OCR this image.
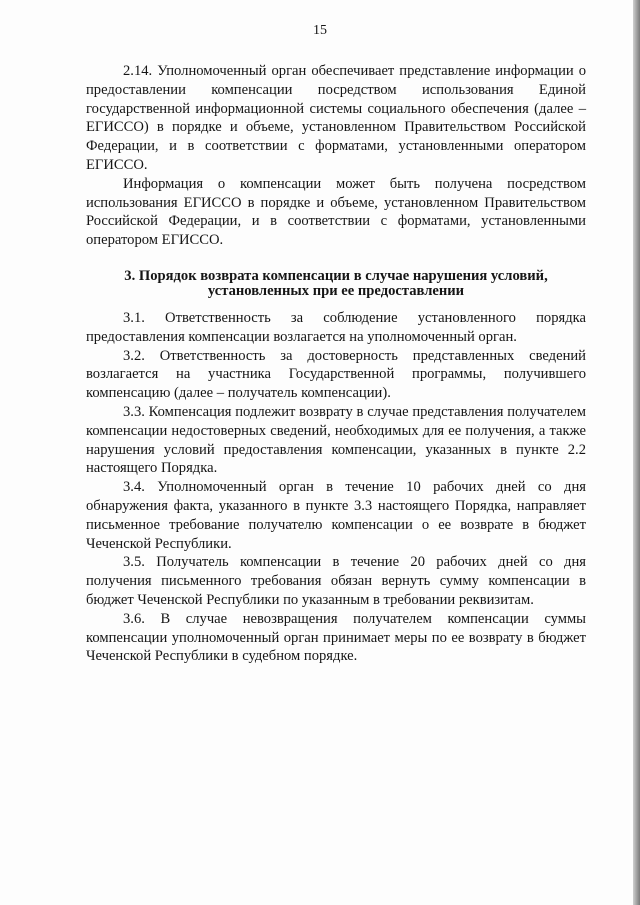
15

2.14. Уполномоченный орган обеспечивает представление информации о предоставлении компенсации посредством использования Единой государственной информационной системы социального обеспечения (далее – ЕГИССО) в порядке и объеме, установленном Правительством Российской Федерации, и в соответствии с форматами, установленными оператором ЕГИССО.

Информация о компенсации может быть получена посредством использования ЕГИССО в порядке и объеме, установленном Правительством Российской Федерации, и в соответствии с форматами, установленными оператором ЕГИССО.

3. Порядок возврата компенсации в случае нарушения условий,

установленных при ее предоставлении

3.1. Ответственность за соблюдение установленного порядка предоставления компенсации возлагается на уполномоченный орган.

3.2. Ответственность за достоверность представленных сведений возлагается на участника Государственной программы, получившего компенсацию (далее – получатель компенсации).

3.3. Компенсация подлежит возврату в случае представления получателем компенсации недостоверных сведений, необходимых для ее получения, а также нарушения условий предоставления компенсации, указанных в пункте 2.2 настоящего Порядка.

3.4. Уполномоченный орган в течение 10 рабочих дней со дня обнаружения факта, указанного в пункте 3.3 настоящего Порядка, направляет письменное требование получателю компенсации о ее возврате в бюджет Чеченской Республики.

3.5. Получатель компенсации в течение 20 рабочих дней со дня получения письменного требования обязан вернуть сумму компенсации в бюджет Чеченской Республики по указанным в требовании реквизитам.

3.6. В случае невозвращения получателем компенсации суммы компенсации уполномоченный орган принимает меры по ее возврату в бюджет Чеченской Республики в судебном порядке.
